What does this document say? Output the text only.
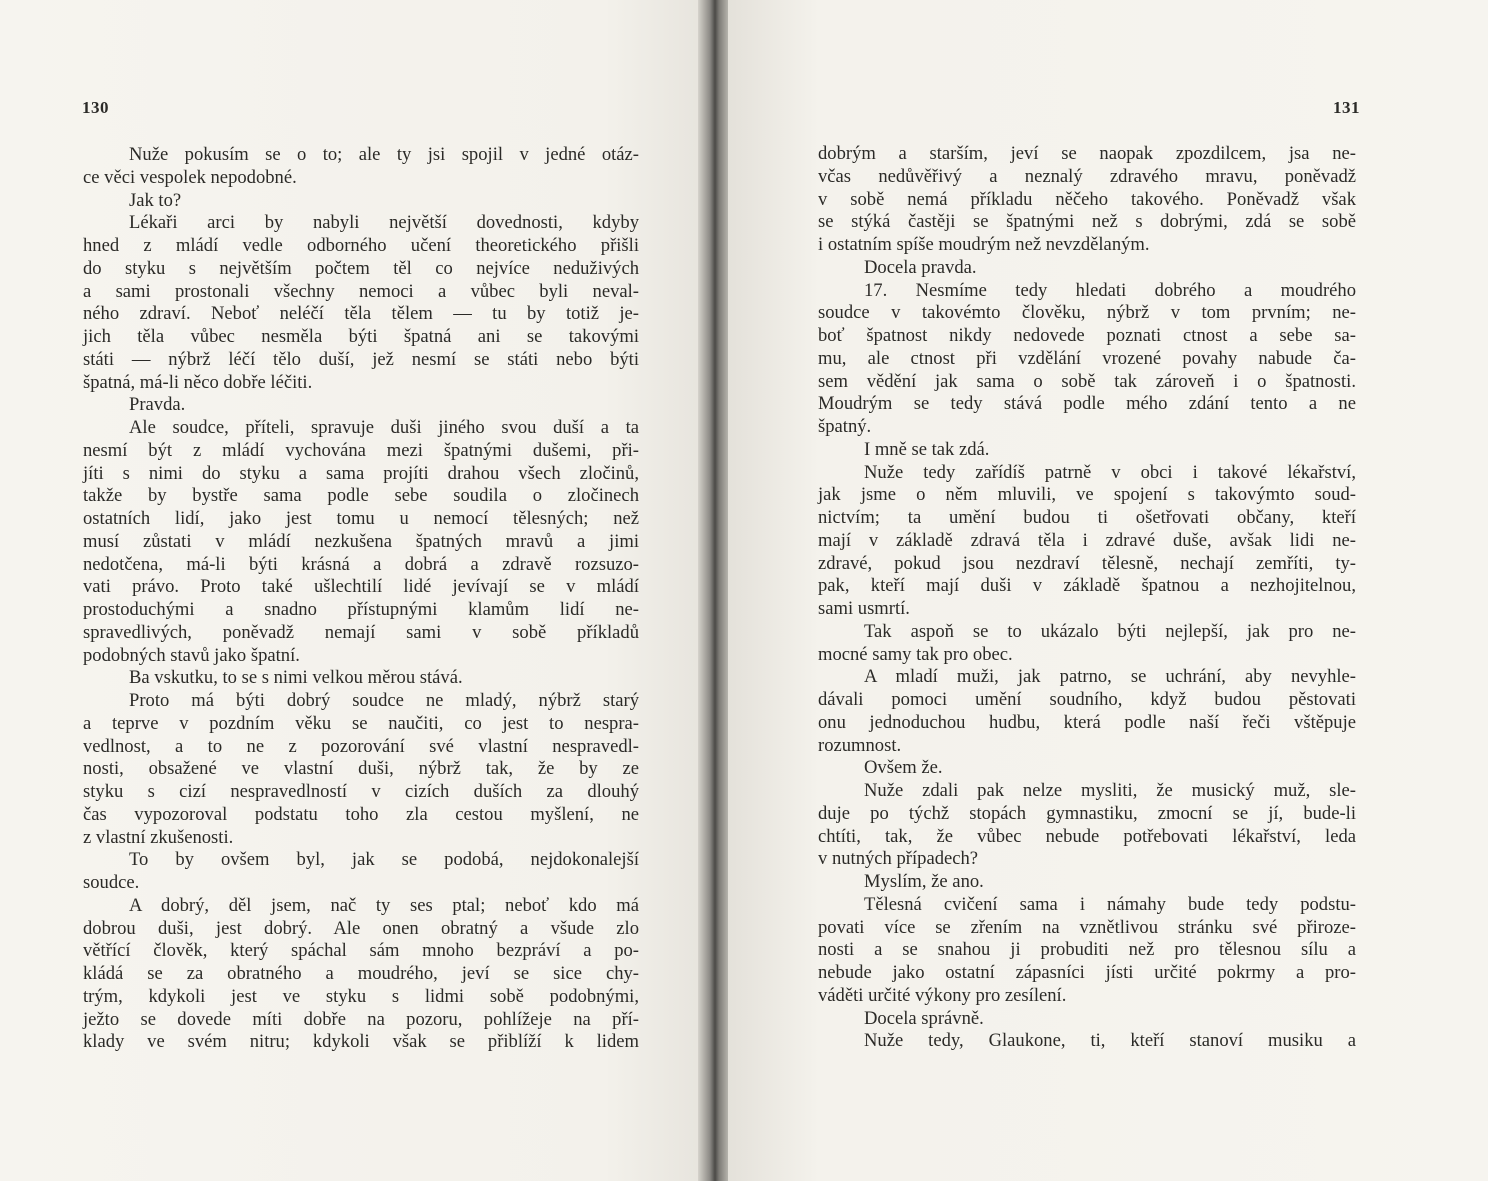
130
Nuže pokusím se o to; ale ty jsi spojil v jedné otáz-
ce věci vespolek nepodobné.
Jak to?
Lékaři arci by nabyli největší dovednosti, kdyby
hned z mládí vedle odborného učení theoretického přišli
do styku s největším počtem těl co nejvíce neduživých
a sami prostonali všechny nemoci a vůbec byli neval-
ného zdraví. Neboť neléčí těla tělem — tu by totiž je-
jich těla vůbec nesměla býti špatná ani se takovými
státi — nýbrž léčí tělo duší, jež nesmí se státi nebo býti
špatná, má-li něco dobře léčiti.
Pravda.
Ale soudce, příteli, spravuje duši jiného svou duší a ta
nesmí být z mládí vychována mezi špatnými dušemi, při-
jíti s nimi do styku a sama projíti drahou všech zločinů,
takže by bystře sama podle sebe soudila o zločinech
ostatních lidí, jako jest tomu u nemocí tělesných; než
musí zůstati v mládí nezkušena špatných mravů a jimi
nedotčena, má-li býti krásná a dobrá a zdravě rozsuzo-
vati právo. Proto také ušlechtilí lidé jevívají se v mládí
prostoduchými a snadno přístupnými klamům lidí ne-
spravedlivých, poněvadž nemají sami v sobě příkladů
podobných stavů jako špatní.
Ba vskutku, to se s nimi velkou měrou stává.
Proto má býti dobrý soudce ne mladý, nýbrž starý
a teprve v pozdním věku se naučiti, co jest to nespra-
vedlnost, a to ne z pozorování své vlastní nespravedl-
nosti, obsažené ve vlastní duši, nýbrž tak, že by ze
styku s cizí nespravedlností v cizích duších za dlouhý
čas vypozoroval podstatu toho zla cestou myšlení, ne
z vlastní zkušenosti.
To by ovšem byl, jak se podobá, nejdokonalejší
soudce.
A dobrý, děl jsem, nač ty ses ptal; neboť kdo má
dobrou duši, jest dobrý. Ale onen obratný a všude zlo
větřící člověk, který spáchal sám mnoho bezpráví a po-
kládá se za obratného a moudrého, jeví se sice chy-
trým, kdykoli jest ve styku s lidmi sobě podobnými,
ježto se dovede míti dobře na pozoru, pohlížeje na pří-
klady ve svém nitru; kdykoli však se přiblíží k lidem
131
dobrým a starším, jeví se naopak zpozdilcem, jsa ne-
včas nedůvěřivý a neznalý zdravého mravu, poněvadž
v sobě nemá příkladu něčeho takového. Poněvadž však
se stýká častěji se špatnými než s dobrými, zdá se sobě
i ostatním spíše moudrým než nevzdělaným.
Docela pravda.
17. Nesmíme tedy hledati dobrého a moudrého
soudce v takovémto člověku, nýbrž v tom prvním; ne-
boť špatnost nikdy nedovede poznati ctnost a sebe sa-
mu, ale ctnost při vzdělání vrozené povahy nabude ča-
sem vědění jak sama o sobě tak zároveň i o špatnosti.
Moudrým se tedy stává podle mého zdání tento a ne
špatný.
I mně se tak zdá.
Nuže tedy zařídíš patrně v obci i takové lékařství,
jak jsme o něm mluvili, ve spojení s takovýmto soud-
nictvím; ta umění budou ti ošetřovati občany, kteří
mají v základě zdravá těla i zdravé duše, avšak lidi ne-
zdravé, pokud jsou nezdraví tělesně, nechají zemříti, ty-
pak, kteří mají duši v základě špatnou a nezhojitelnou,
sami usmrtí.
Tak aspoň se to ukázalo býti nejlepší, jak pro ne-
mocné samy tak pro obec.
A mladí muži, jak patrno, se uchrání, aby nevyhle-
dávali pomoci umění soudního, když budou pěstovati
onu jednoduchou hudbu, která podle naší řeči vštěpuje
rozumnost.
Ovšem že.
Nuže zdali pak nelze mysliti, že musický muž, sle-
duje po týchž stopách gymnastiku, zmocní se jí, bude-li
chtíti, tak, že vůbec nebude potřebovati lékařství, leda
v nutných případech?
Myslím, že ano.
Tělesná cvičení sama i námahy bude tedy podstu-
povati více se zřením na vznětlivou stránku své přiroze-
nosti a se snahou ji probuditi než pro tělesnou sílu a
nebude jako ostatní zápasníci jísti určité pokrmy a pro-
váděti určité výkony pro zesílení.
Docela správně.
Nuže tedy, Glaukone, ti, kteří stanoví musiku a
